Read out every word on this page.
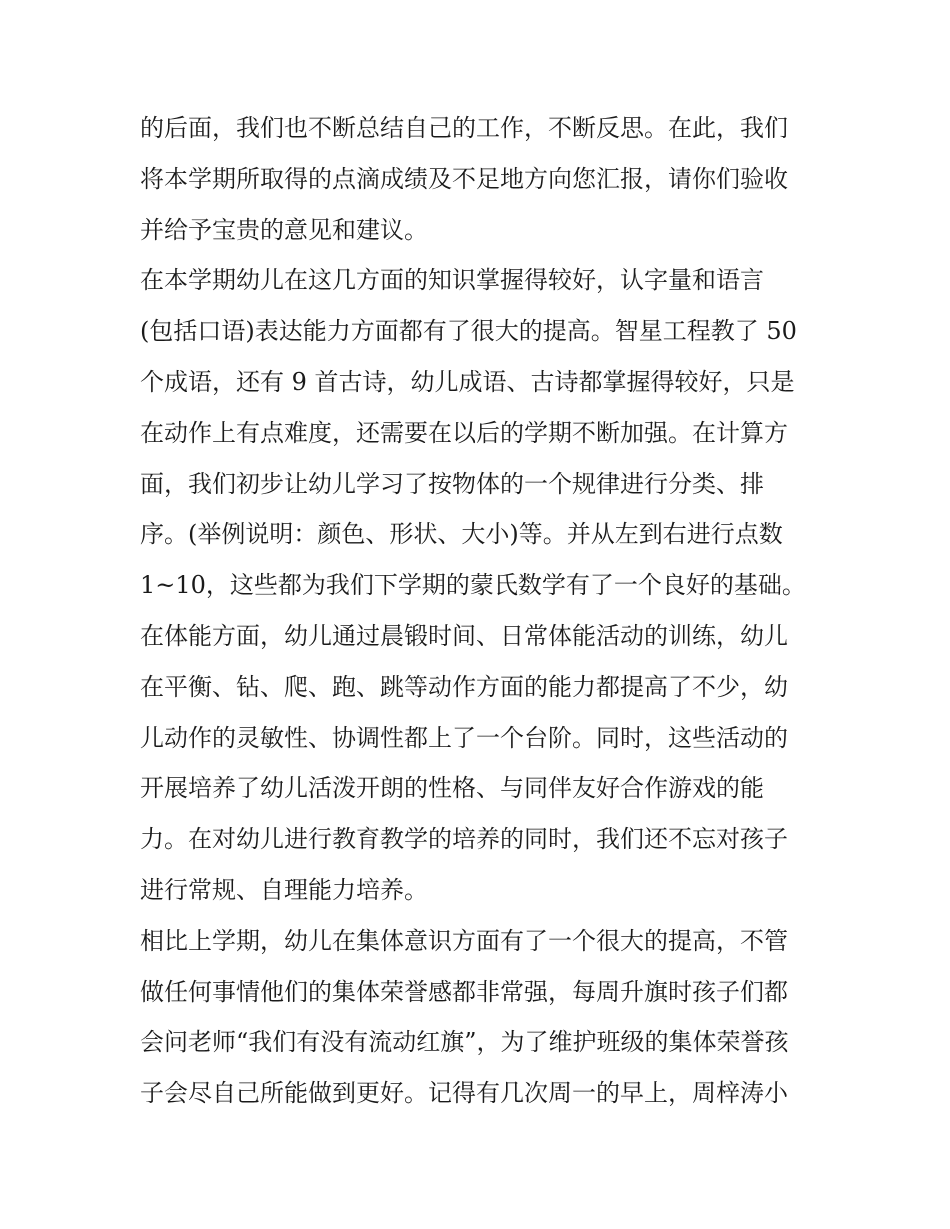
的后面，我们也不断总结自己的工作，不断反思。在此，我们
将本学期所取得的点滴成绩及不足地方向您汇报，请你们验收
并给予宝贵的意见和建议。
在本学期幼儿在这几方面的知识掌握得较好，认字量和语言
(包括口语)表达能力方面都有了很大的提高。智星工程教了 50
个成语，还有 9 首古诗，幼儿成语、古诗都掌握得较好，只是
在动作上有点难度，还需要在以后的学期不断加强。在计算方
面，我们初步让幼儿学习了按物体的一个规律进行分类、排
序。(举例说明：颜色、形状、大小)等。并从左到右进行点数
1~10，这些都为我们下学期的蒙氏数学有了一个良好的基础。
在体能方面，幼儿通过晨锻时间、日常体能活动的训练，幼儿
在平衡、钻、爬、跑、跳等动作方面的能力都提高了不少，幼
儿动作的灵敏性、协调性都上了一个台阶。同时，这些活动的
开展培养了幼儿活泼开朗的性格、与同伴友好合作游戏的能
力。在对幼儿进行教育教学的培养的同时，我们还不忘对孩子
进行常规、自理能力培养。
相比上学期，幼儿在集体意识方面有了一个很大的提高，不管
做任何事情他们的集体荣誉感都非常强，每周升旗时孩子们都
会问老师“我们有没有流动红旗”，为了维护班级的集体荣誉孩
子会尽自己所能做到更好。记得有几次周一的早上，周梓涛小
